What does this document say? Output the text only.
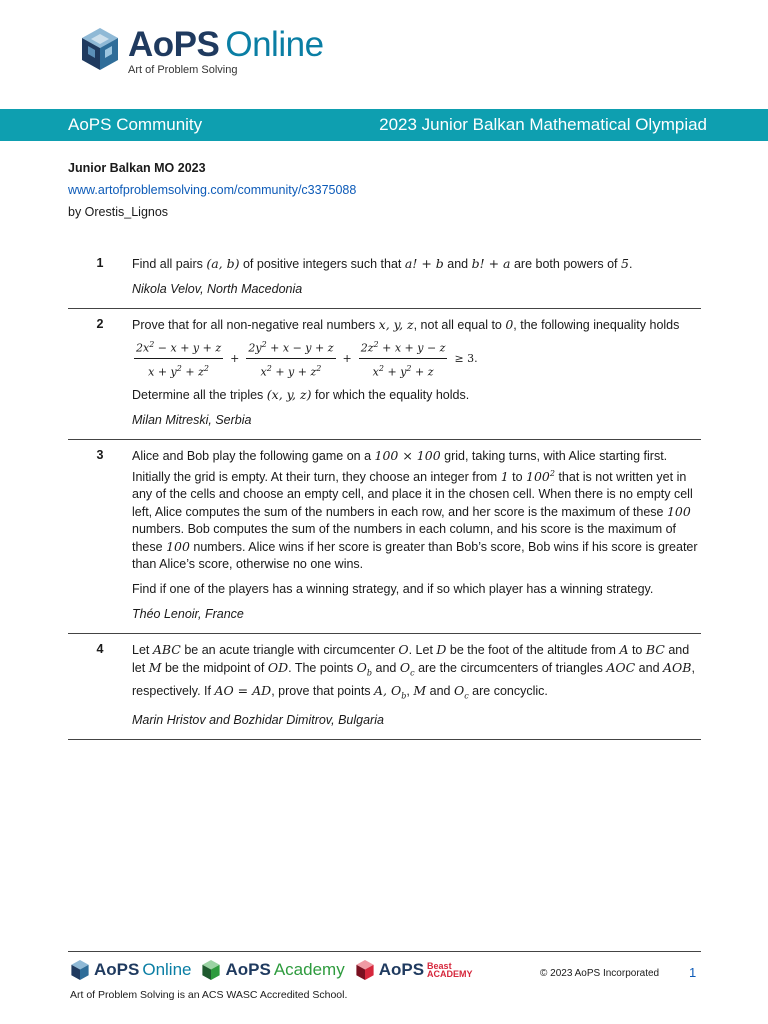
AoPS Online
Art of Problem Solving
AoPS Community	2023 Junior Balkan Mathematical Olympiad
Junior Balkan MO 2023
www.artofproblemsolving.com/community/c3375088
by Orestis_Lignos
1	Find all pairs (a, b) of positive integers such that a! + b and b! + a are both powers of 5.

Nikola Velov, North Macedonia

2	Prove that for all non-negative real numbers x, y, z, not all equal to 0, the following inequality holds

$\frac{2x^2 - x + y + z}{x + y^2 + z^2} + \frac{2y^2 + x - y + z}{x^2 + y + z^2} + \frac{2z^2 + x + y - z}{x^2 + y^2 + z} \ge 3$.

Determine all the triples (x, y, z) for which the equality holds.

Milan Mitreski, Serbia

3	Alice and Bob play the following game on a 100 × 100 grid, taking turns, with Alice starting first. Initially the grid is empty. At their turn, they choose an integer from 1 to $100^2$ that is not written yet in any of the cells and choose an empty cell, and place it in the chosen cell. When there is no empty cell left, Alice computes the sum of the numbers in each row, and her score is the maximum of these 100 numbers. Bob computes the sum of the numbers in each column, and his score is the maximum of these 100 numbers. Alice wins if her score is greater than Bob’s score, Bob wins if his score is greater than Alice’s score, otherwise no one wins.

Find if one of the players has a winning strategy, and if so which player has a winning strategy.

Théo Lenoir, France

4	Let ABC be an acute triangle with circumcenter O. Let D be the foot of the altitude from A to BC and let M be the midpoint of OD. The points $O_b$ and $O_c$ are the circumcenters of triangles AOC and AOB, respectively. If AO = AD, prove that points A, $O_b$, M and $O_c$ are concyclic.

Marin Hristov and Bozhidar Dimitrov, Bulgaria

AoPS Online AoPS Academy AoPS Beast
ACADEMY	© 2023 AoPS Incorporated 1
Art of Problem Solving is an ACS WASC Accredited School.
